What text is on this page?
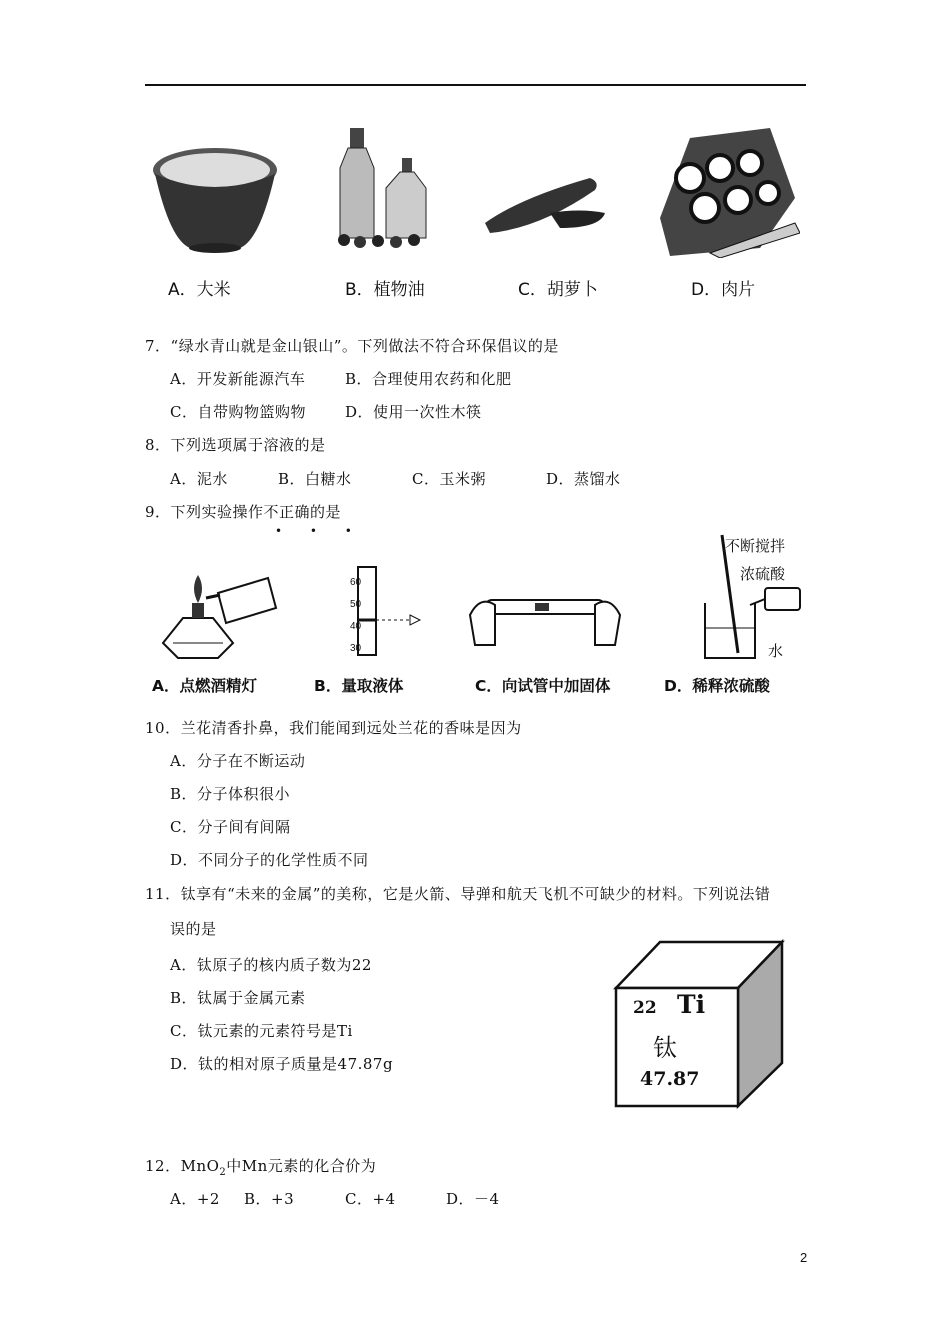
A．大米	B．植物油	C．胡萝卜	D．肉片
7．“绿水青山就是金山银山”。下列做法不符合环保倡议的是
A．开发新能源汽车	B．合理使用农药和化肥
C．自带购物篮购物	D．使用一次性木筷
8．下列选项属于溶液的是
A．泥水	B．白糖水	C．玉米粥	D．蒸馏水
9．下列实验操作不正确的是
• • •
60
50
40
30
不断搅拌
浓硫酸
水
A．点燃酒精灯	B．量取液体	C．向试管中加固体	D．稀释浓硫酸
10．兰花清香扑鼻，我们能闻到远处兰花的香味是因为
A．分子在不断运动
B．分子体积很小
C．分子间有间隔
D．不同分子的化学性质不同
11．钛享有“未来的金属”的美称，它是火箭、导弹和航天飞机不可缺少的材料。下列说法错
误的是
A．钛原子的核内质子数为22
B．钛属于金属元素
C．钛元素的元素符号是Ti
D．钛的相对原子质量是47.87g
22 Ti
钛
47.87
12．MnO$_2$中Mn元素的化合价为
A．+2 B．+3	C．+4	D．－4
2
